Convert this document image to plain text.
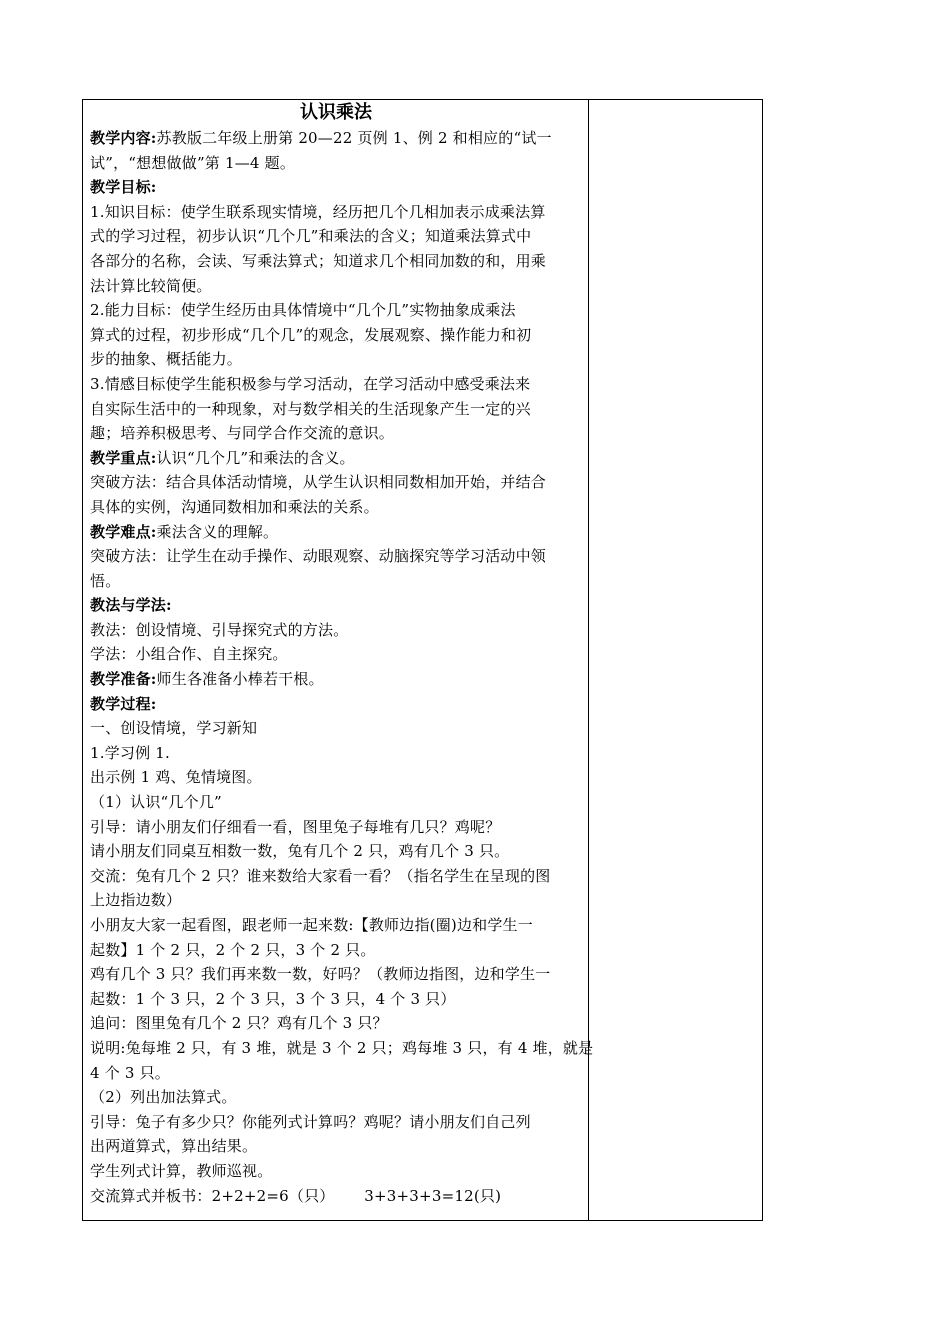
认识乘法
教学内容:苏教版二年级上册第 20—22 页例 1、例 2 和相应的“试一
试”，“想想做做”第 1—4 题。
教学目标:
1.知识目标：使学生联系现实情境，经历把几个几相加表示成乘法算
式的学习过程，初步认识“几个几”和乘法的含义；知道乘法算式中
各部分的名称，会读、写乘法算式；知道求几个相同加数的和，用乘
法计算比较简便。
2.能力目标：使学生经历由具体情境中“几个几”实物抽象成乘法
算式的过程，初步形成“几个几”的观念，发展观察、操作能力和初
步的抽象、概括能力。
3.情感目标使学生能积极参与学习活动，在学习活动中感受乘法来
自实际生活中的一种现象，对与数学相关的生活现象产生一定的兴
趣；培养积极思考、与同学合作交流的意识。
教学重点:认识“几个几”和乘法的含义。
突破方法：结合具体活动情境，从学生认识相同数相加开始，并结合
具体的实例，沟通同数相加和乘法的关系。
教学难点:乘法含义的理解。
突破方法：让学生在动手操作、动眼观察、动脑探究等学习活动中领
悟。
教法与学法:
教法：创设情境、引导探究式的方法。
学法：小组合作、自主探究。
教学准备:师生各准备小棒若干根。
教学过程:
一、创设情境，学习新知
1.学习例 1.
出示例 1 鸡、兔情境图。
（1）认识“几个几”
引导：请小朋友们仔细看一看，图里兔子每堆有几只？鸡呢？
请小朋友们同桌互相数一数，兔有几个 2 只，鸡有几个 3 只。
交流：兔有几个 2 只？谁来数给大家看一看？（指名学生在呈现的图
上边指边数）
小朋友大家一起看图，跟老师一起来数:【教师边指(圈)边和学生一
起数】1 个 2 只，2 个 2 只，3 个 2 只。
鸡有几个 3 只？我们再来数一数，好吗？（教师边指图，边和学生一
起数：1 个 3 只，2 个 3 只，3 个 3 只，4 个 3 只）
追问：图里兔有几个 2 只？鸡有几个 3 只？
说明:兔每堆 2 只，有 3 堆，就是 3 个 2 只；鸡每堆 3 只，有 4 堆，就是
4 个 3 只。
（2）列出加法算式。
引导：兔子有多少只？你能列式计算吗？鸡呢？请小朋友们自己列
出两道算式，算出结果。
学生列式计算，教师巡视。
交流算式并板书：2+2+2=6（只）      3+3+3+3=12(只)
